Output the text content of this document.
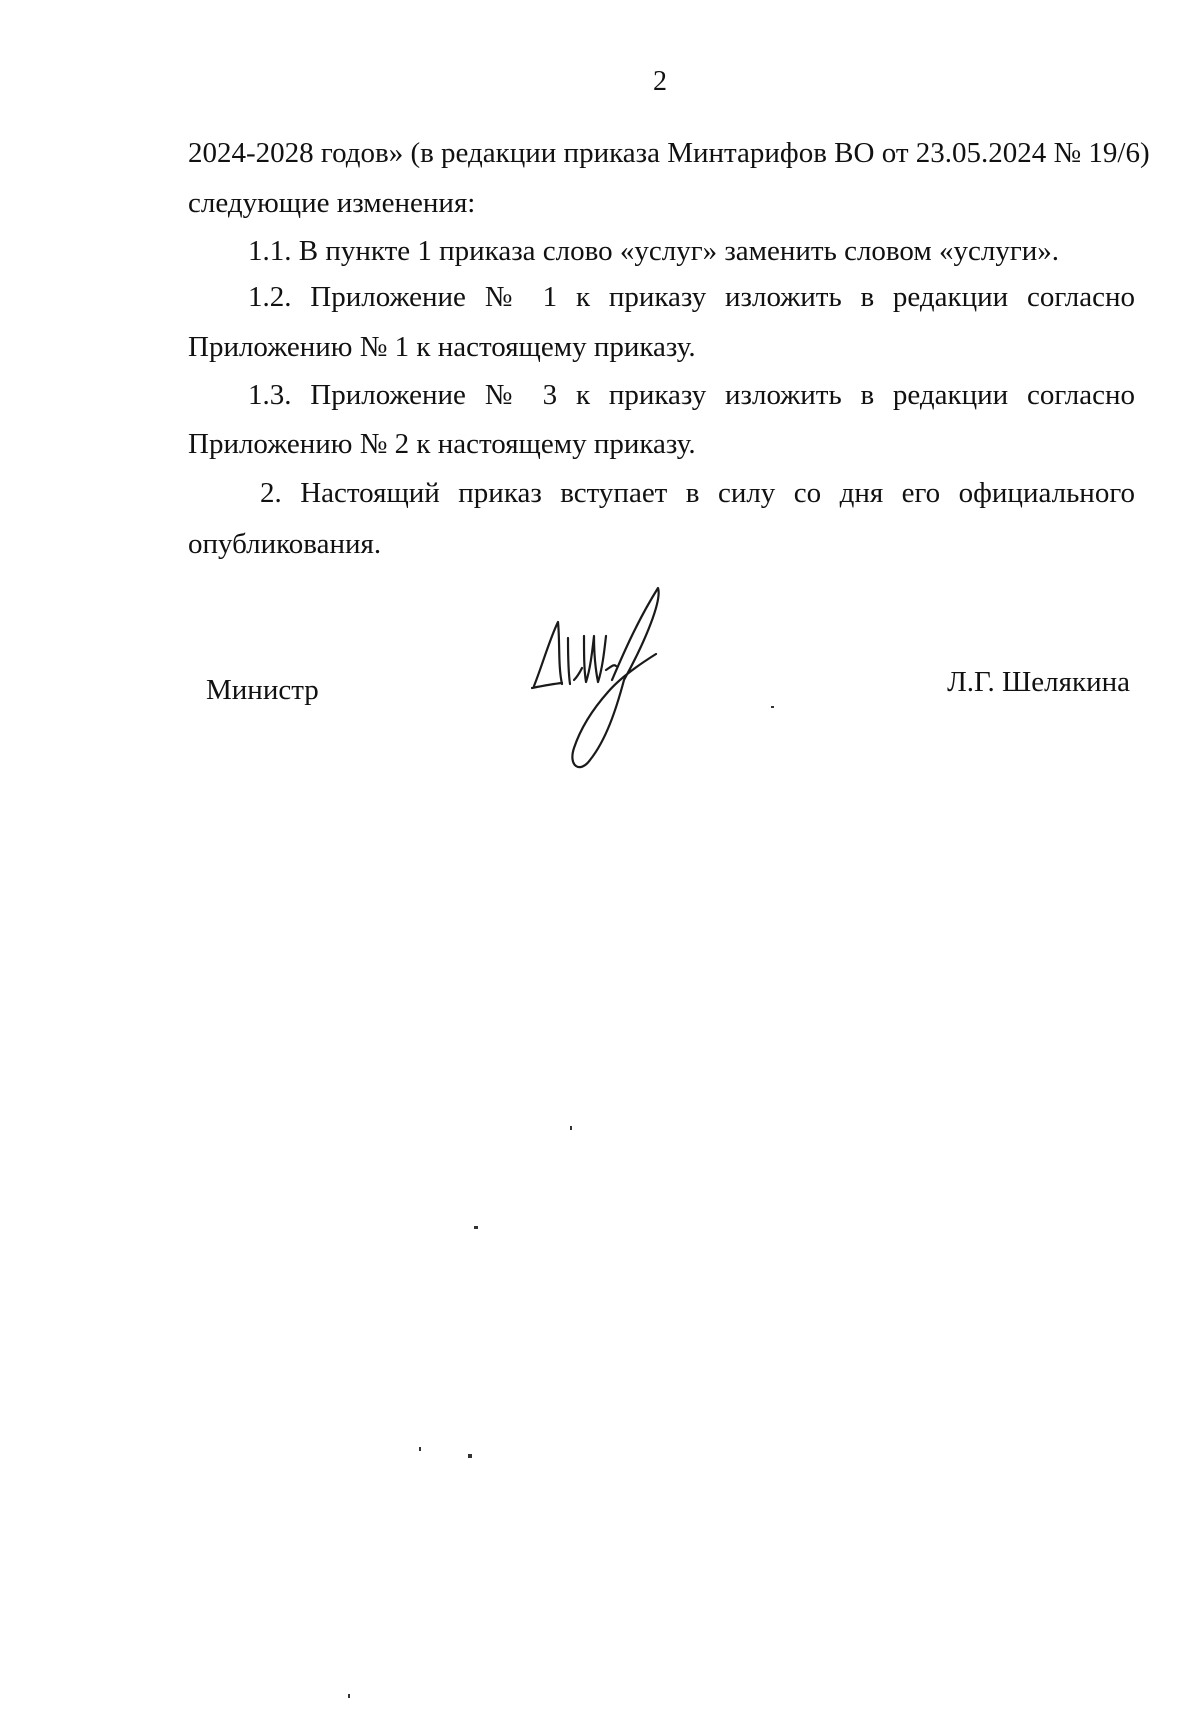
2
2024-2028 годов» (в редакции приказа Минтарифов ВО от 23.05.2024 № 19/6)
следующие изменения:
1.1. В пункте 1 приказа слово «услуг» заменить словом «услуги».
1.2. Приложение № 1 к приказу изложить в редакции согласно
Приложению № 1 к настоящему приказу.
1.3. Приложение № 3 к приказу изложить в редакции согласно
Приложению № 2 к настоящему приказу.
2. Настоящий приказ вступает в силу со дня его официального
опубликования.
Министр	Л.Г. Шелякина
